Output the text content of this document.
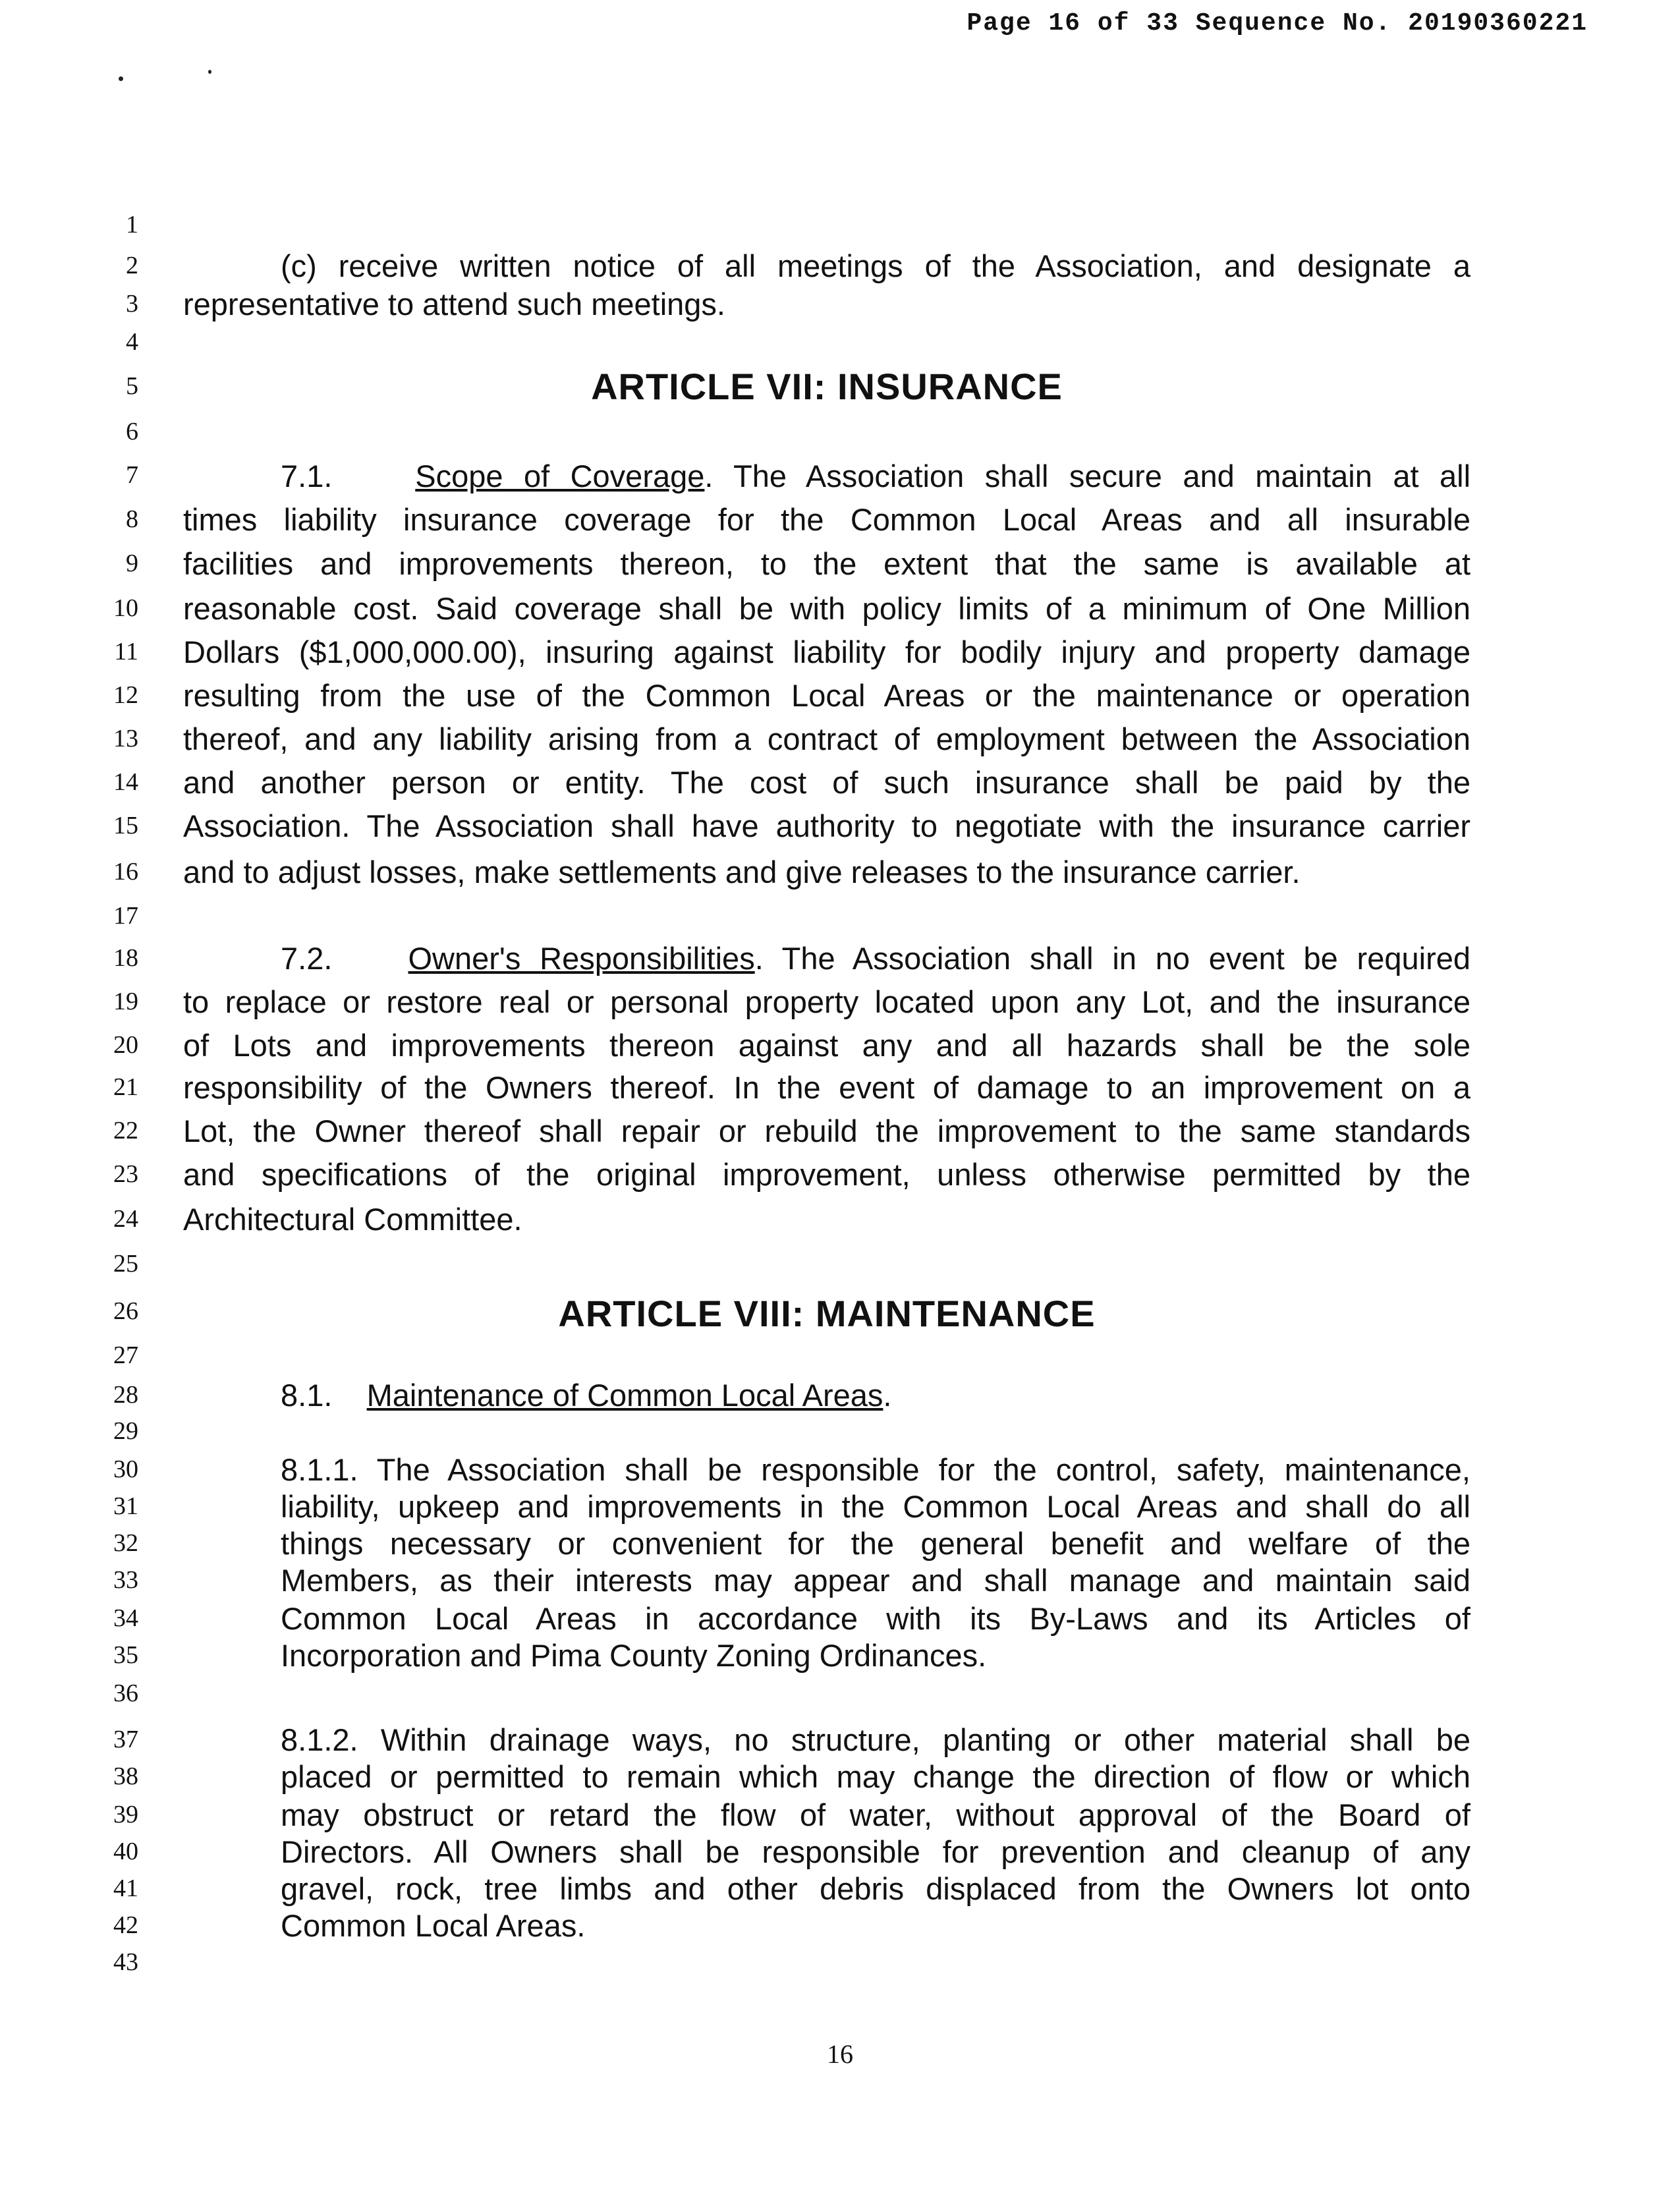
Page 16 of 33 Sequence No. 20190360221
1
2
3
4
5
6
7
8
9
10
11
12
13
14
15
16
17
18
19
20
21
22
23
24
25
26
27
28
29
30
31
32
33
34
35
36
37
38
39
40
41
42
43
(c) receive written notice of all meetings of the Association, and designate a
representative to attend such meetings.
ARTICLE VII: INSURANCE
7.1.	Scope of Coverage. The Association shall secure and maintain at all
times liability insurance coverage for the Common Local Areas and all insurable
facilities and improvements thereon, to the extent that the same is available at
reasonable cost. Said coverage shall be with policy limits of a minimum of One Million
Dollars ($1,000,000.00), insuring against liability for bodily injury and property damage
resulting from the use of the Common Local Areas or the maintenance or operation
thereof, and any liability arising from a contract of employment between the Association
and another person or entity. The cost of such insurance shall be paid by the
Association. The Association shall have authority to negotiate with the insurance carrier
and to adjust losses, make settlements and give releases to the insurance carrier.
7.2. Owner's Responsibilities. The Association shall in no event be required
to replace or restore real or personal property located upon any Lot, and the insurance
of Lots and improvements thereon against any and all hazards shall be the sole
responsibility of the Owners thereof. In the event of damage to an improvement on a
Lot, the Owner thereof shall repair or rebuild the improvement to the same standards
and specifications of the original improvement, unless otherwise permitted by the
Architectural Committee.
ARTICLE VIII: MAINTENANCE
8.1. Maintenance of Common Local Areas.
8.1.1. The Association shall be responsible for the control, safety, maintenance,
liability, upkeep and improvements in the Common Local Areas and shall do all
things necessary or convenient for the general benefit and welfare of the
Members, as their interests may appear and shall manage and maintain said
Common Local Areas in accordance with its By-Laws and its Articles of
Incorporation and Pima County Zoning Ordinances.
8.1.2. Within drainage ways, no structure, planting or other material shall be
placed or permitted to remain which may change the direction of flow or which
may obstruct or retard the flow of water, without approval of the Board of
Directors. All Owners shall be responsible for prevention and cleanup of any
gravel, rock, tree limbs and other debris displaced from the Owners lot onto
Common Local Areas.
16
